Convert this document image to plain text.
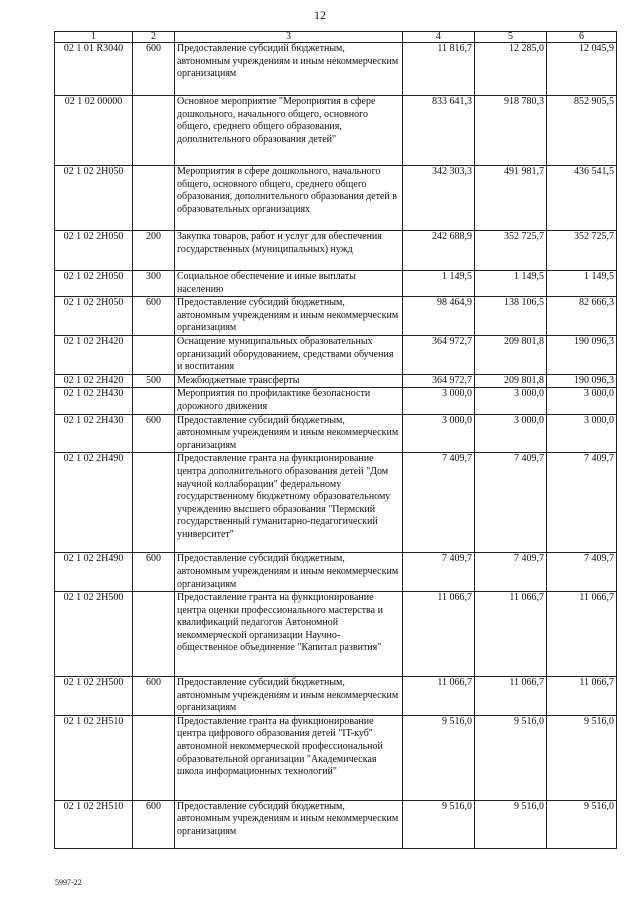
12
1	2	3	4	5	6
02 1 01 R3040	600	Предоставление субсидий бюджетным, автономным учреждениям и иным некоммерческим организациям	11 816,7	12 285,0	12 045,9
02 1 02 00000		Основное мероприятие "Мероприятия в сфере дошкольного, начального общего, основного общего, среднего общего образования, дополнительного образования детей"	833 641,3	918 780,3	852 905,5
02 1 02 2Н050		Мероприятия в сфере дошкольного, начального общего, основного общего, среднего общего образования, дополнительного образования детей в образовательных организациях	342 303,3	491 981,7	436 541,5
02 1 02 2Н050	200	Закупка товаров, работ и услуг для обеспечения государственных (муниципальных) нужд	242 688,9	352 725,7	352 725,7
02 1 02 2Н050	300	Социальное обеспечение и иные выплаты населению	1 149,5	1 149,5	1 149,5
02 1 02 2Н050	600	Предоставление субсидий бюджетным, автономным учреждениям и иным некоммерческим организациям	98 464,9	138 106,5	82 666,3
02 1 02 2Н420		Оснащение муниципальных образовательных организаций оборудованием, средствами обучения и воспитания	364 972,7	209 801,8	190 096,3
02 1 02 2Н420	500	Межбюджетные трансферты	364 972,7	209 801,8	190 096,3
02 1 02 2Н430		Мероприятия по профилактике безопасности дорожного движения	3 000,0	3 000,0	3 000,0
02 1 02 2Н430	600	Предоставление субсидий бюджетным, автономным учреждениям и иным некоммерческим организациям	3 000,0	3 000,0	3 000,0
02 1 02 2Н490		Предоставление гранта на функционирование центра дополнительного образования детей "Дом научной коллаборации" федеральному государственному бюджетному образовательному учреждению высшего образования "Пермский государственный гуманитарно-педагогический университет"	7 409,7	7 409,7	7 409,7
02 1 02 2Н490	600	Предоставление субсидий бюджетным, автономным учреждениям и иным некоммерческим организациям	7 409,7	7 409,7	7 409,7
02 1 02 2Н500		Предоставление гранта на функционирование центра оценки профессионального мастерства и квалификаций педагогов Автономной некоммерческой организации Научно-общественное объединение "Капитал развития"	11 066,7	11 066,7	11 066,7
02 1 02 2Н500	600	Предоставление субсидий бюджетным, автономным учреждениям и иным некоммерческим организациям	11 066,7	11 066,7	11 066,7
02 1 02 2Н510		Предоставление гранта на функционирование центра цифрового образования детей "IT-куб" автономной некоммерческой профессиональной образовательной организации "Академическая школа информационных технологий"	9 516,0	9 516,0	9 516,0
02 1 02 2Н510	600	Предоставление субсидий бюджетным, автономным учреждениям и иным некоммерческим организациям	9 516,0	9 516,0	9 516,0
5997-22
